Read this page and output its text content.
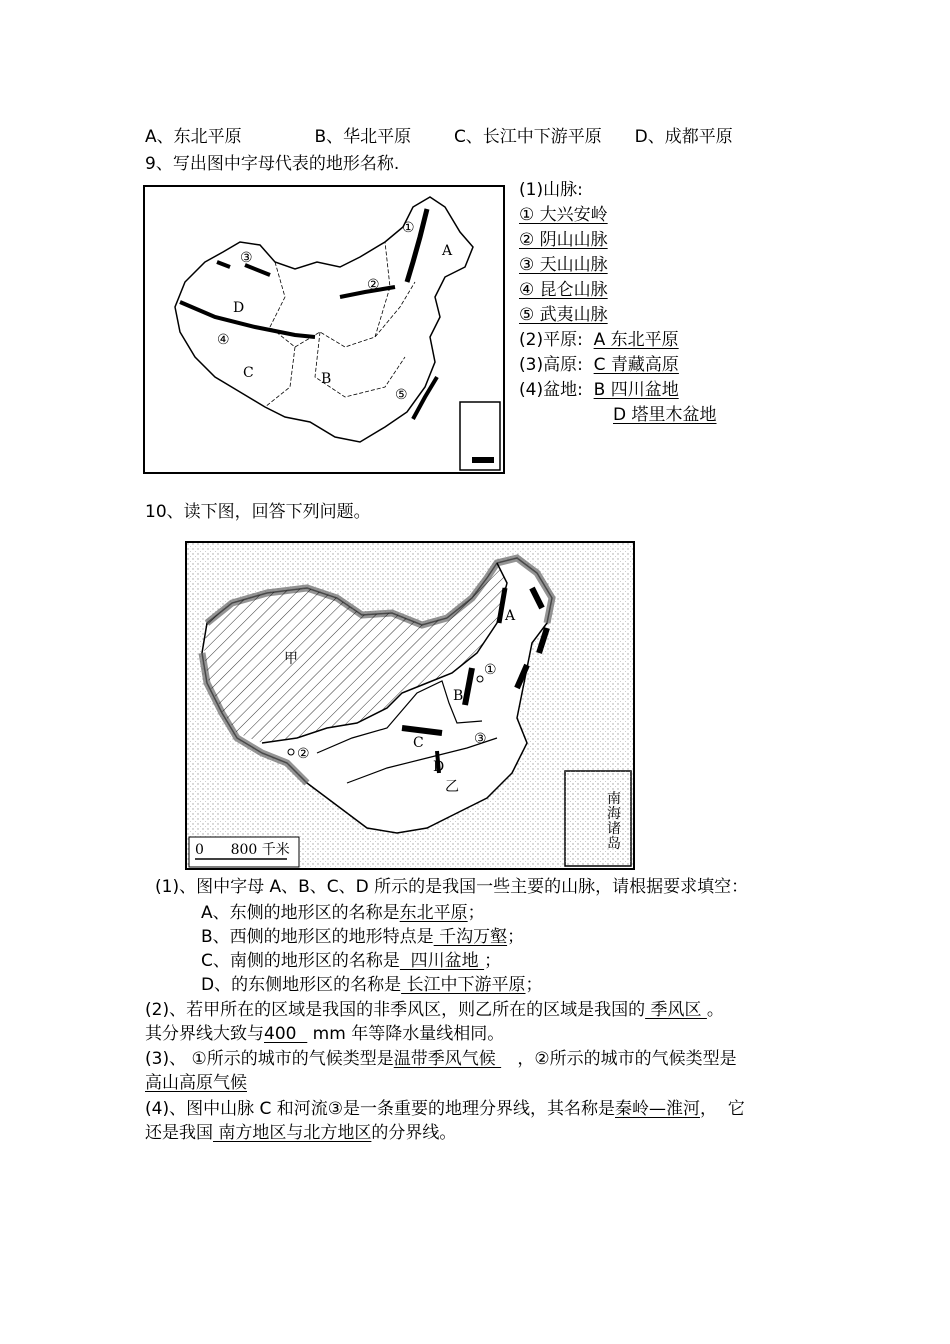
A、东北平原	B、华北平原	C、长江中下游平原 D、成都平原
9、写出图中字母代表的地形名称.
①
②
③
④
⑤
A
B
C
D
(1)山脉:
① 大兴安岭
② 阴山山脉
③ 天山山脉
④ 昆仑山脉
⑤ 武夷山脉
(2)平原: A 东北平原
(3)高原: C 青藏高原
(4)盆地: B 四川盆地
D 塔里木盆地
10、读下图，回答下列问题。
南
海
诸
岛
0      800 千米
甲
乙
A
B
C
D
①
②
③
(1)、图中字母 A、B、C、D 所示的是我国一些主要的山脉，请根据要求填空：
A、东侧的地形区的名称是东北平原；
B、西侧的地形区的地形特点是 千沟万壑；
C、南侧的地形区的名称是  四川盆地 ；
D、的东侧地形区的名称是 长江中下游平原；
(2)、若甲所在的区域是我国的非季风区，则乙所在的区域是我国的 季风区 。
其分界线大致与400   mm 年等降水量线相同。
(3)、 ①所示的城市的气候类型是温带季风气候    ，②所示的城市的气候类型是
高山高原气候
(4)、图中山脉 C 和河流③是一条重要的地理分界线，其名称是秦岭—淮河，  它
还是我国 南方地区与北方地区的分界线。
